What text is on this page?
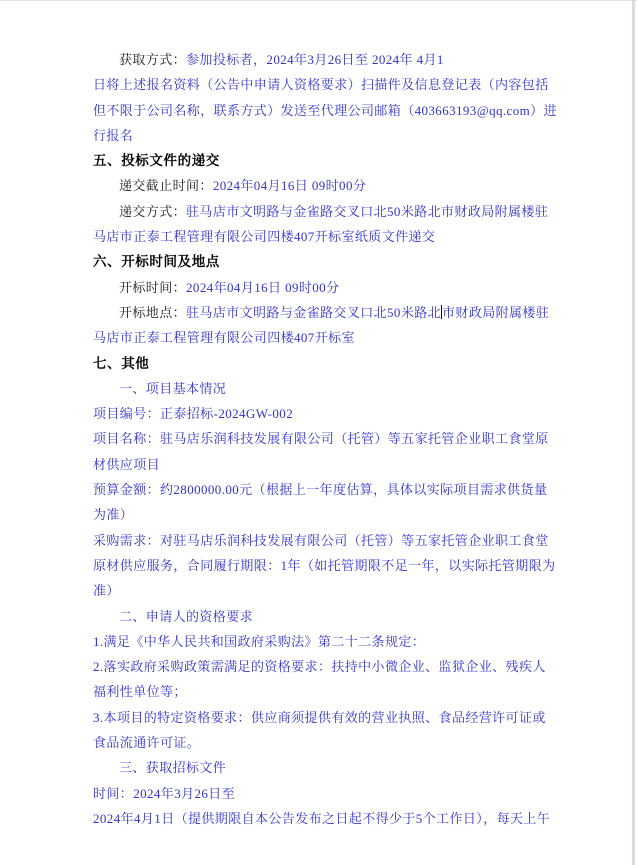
获取方式：参加投标者，2024年3月26日至 2024年 4月1
日将上述报名资料（公告中申请人资格要求）扫描件及信息登记表（内容包括
但不限于公司名称，联系方式）发送至代理公司邮箱（403663193@qq.com）进
行报名
五、投标文件的递交
递交截止时间：2024年04月16日 09时00分
递交方式：驻马店市文明路与金雀路交叉口北50米路北市财政局附属楼驻
马店市正泰工程管理有限公司四楼407开标室纸质文件递交
六、开标时间及地点
开标时间：2024年04月16日 09时00分
开标地点：驻马店市文明路与金雀路交叉口北50米路北市财政局附属楼驻
马店市正泰工程管理有限公司四楼407开标室
七、其他
一、项目基本情况
项目编号：正泰招标-2024GW-002
项目名称：驻马店乐润科技发展有限公司（托管）等五家托管企业职工食堂原
材供应项目
预算金额：约2800000.00元（根据上一年度估算，具体以实际项目需求供货量
为准）
采购需求：对驻马店乐润科技发展有限公司（托管）等五家托管企业职工食堂
原材供应服务，合同履行期限：1年（如托管期限不足一年，以实际托管期限为
准）
二、申请人的资格要求
1.满足《中华人民共和国政府采购法》第二十二条规定：
2.落实政府采购政策需满足的资格要求：扶持中小微企业、监狱企业、残疾人
福利性单位等；
3.本项目的特定资格要求：供应商须提供有效的营业执照、食品经营许可证或
食品流通许可证。
三、获取招标文件
时间：2024年3月26日至
2024年4月1日（提供期限自本公告发布之日起不得少于5个工作日），每天上午
